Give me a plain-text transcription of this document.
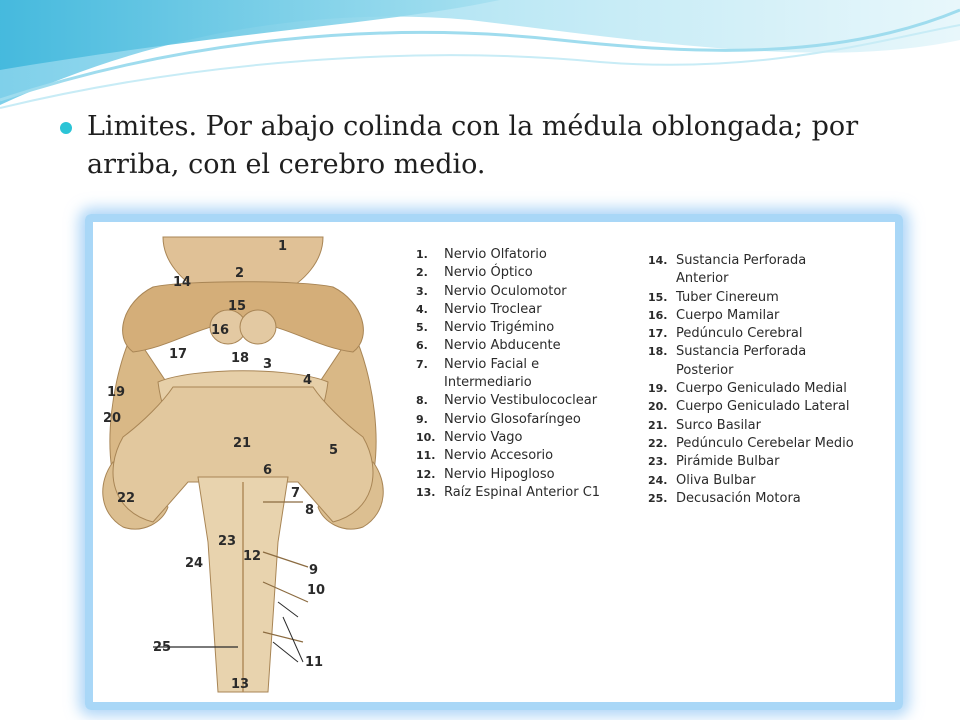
Limites. Por abajo colinda con la médula oblongada; por arriba, con el cerebro medio.

1
2
14
15
16
17	18 3
4
19
20
21	5
6
22	7
8
23
12
24	9
10
25
11
13
1.	Nervio Olfatorio
2.	Nervio Óptico
3.	Nervio Oculomotor
4.	Nervio Troclear
5.	Nervio Trigémino
6.	Nervio Abducente
7.	Nervio Facial e
Intermediario
8.	Nervio Vestibulococlear
9.	Nervio Glosofaríngeo
10. Nervio Vago
11. Nervio Accesorio
12. Nervio Hipogloso
13. Raíz Espinal Anterior C1
14. Sustancia Perforada
Anterior
15. Tuber Cinereum
16. Cuerpo Mamilar
17. Pedúnculo Cerebral
18. Sustancia Perforada
Posterior
19. Cuerpo Geniculado Medial
20. Cuerpo Geniculado Lateral
21. Surco Basilar
22. Pedúnculo Cerebelar Medio
23. Pirámide Bulbar
24. Oliva Bulbar
25. Decusación Motora
